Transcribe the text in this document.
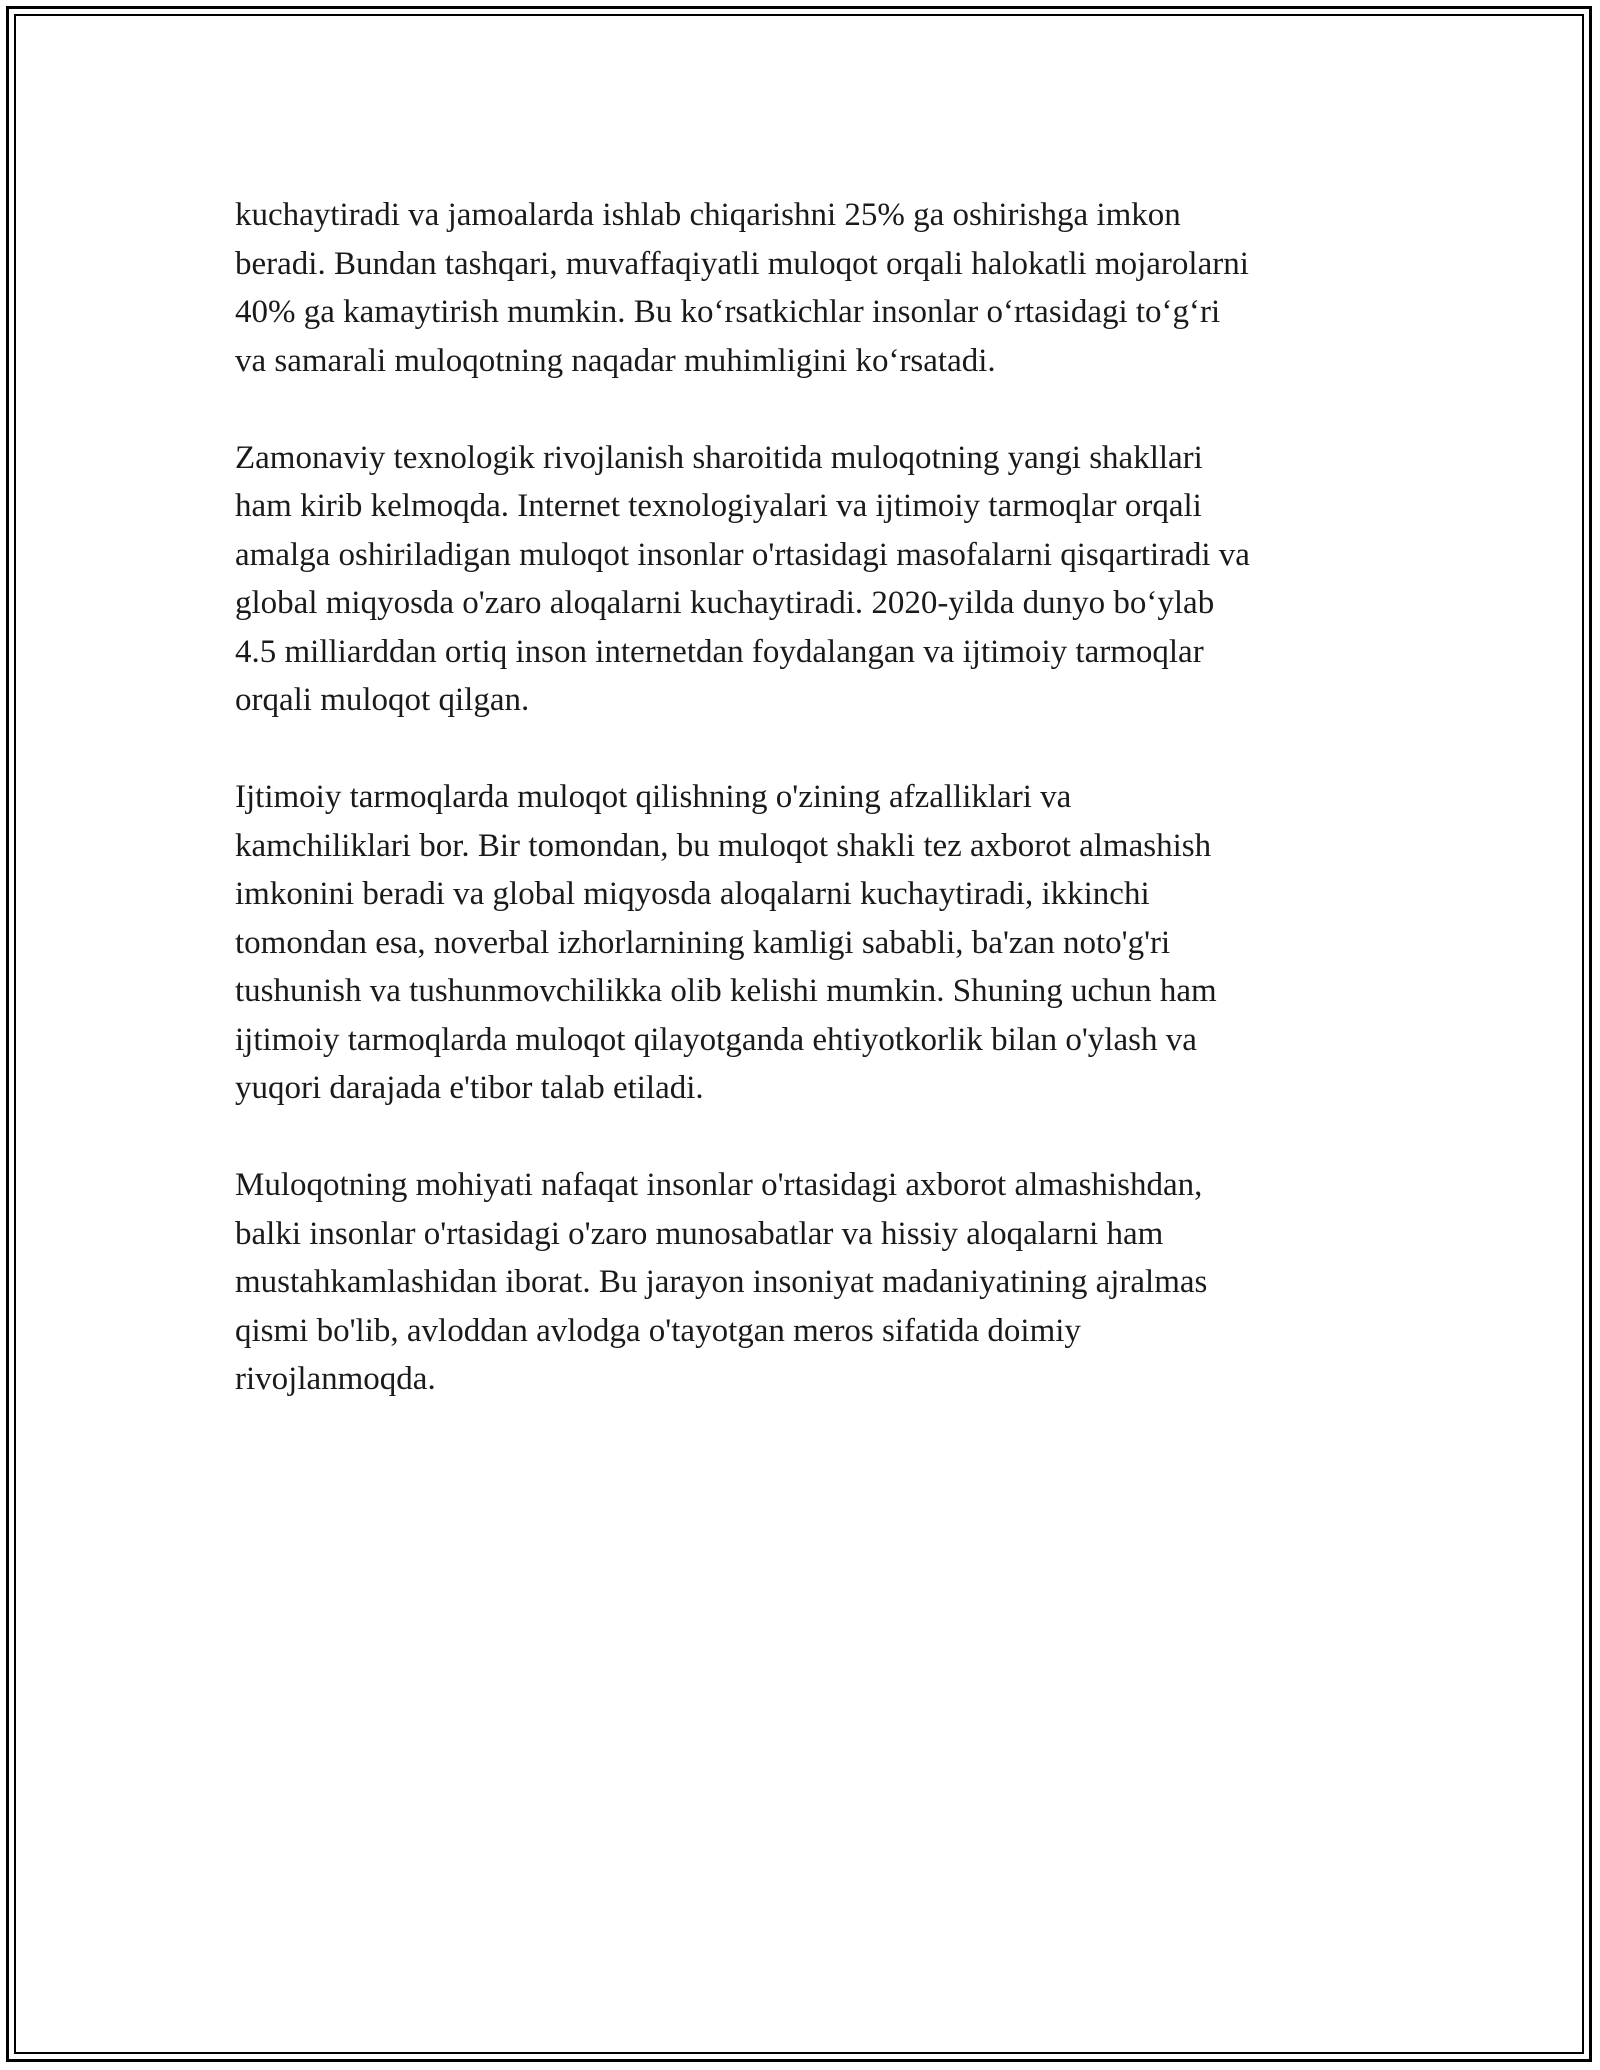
kuchaytiradi va jamoalarda ishlab chiqarishni 25% ga oshirishga imkon
beradi. Bundan tashqari, muvaffaqiyatli muloqot orqali halokatli mojarolarni
40% ga kamaytirish mumkin. Bu koʻrsatkichlar insonlar oʻrtasidagi toʻgʻri
va samarali muloqotning naqadar muhimligini koʻrsatadi.

Zamonaviy texnologik rivojlanish sharoitida muloqotning yangi shakllari
ham kirib kelmoqda. Internet texnologiyalari va ijtimoiy tarmoqlar orqali
amalga oshiriladigan muloqot insonlar o'rtasidagi masofalarni qisqartiradi va
global miqyosda o'zaro aloqalarni kuchaytiradi. 2020-yilda dunyo boʻylab
4.5 milliarddan ortiq inson internetdan foydalangan va ijtimoiy tarmoqlar
orqali muloqot qilgan.

Ijtimoiy tarmoqlarda muloqot qilishning o'zining afzalliklari va
kamchiliklari bor. Bir tomondan, bu muloqot shakli tez axborot almashish
imkonini beradi va global miqyosda aloqalarni kuchaytiradi, ikkinchi
tomondan esa, noverbal izhorlarnining kamligi sababli, ba'zan noto'g'ri
tushunish va tushunmovchilikka olib kelishi mumkin. Shuning uchun ham
ijtimoiy tarmoqlarda muloqot qilayotganda ehtiyotkorlik bilan o'ylash va
yuqori darajada e'tibor talab etiladi.

Muloqotning mohiyati nafaqat insonlar o'rtasidagi axborot almashishdan,
balki insonlar o'rtasidagi o'zaro munosabatlar va hissiy aloqalarni ham
mustahkamlashidan iborat. Bu jarayon insoniyat madaniyatining ajralmas
qismi bo'lib, avloddan avlodga o'tayotgan meros sifatida doimiy
rivojlanmoqda.
